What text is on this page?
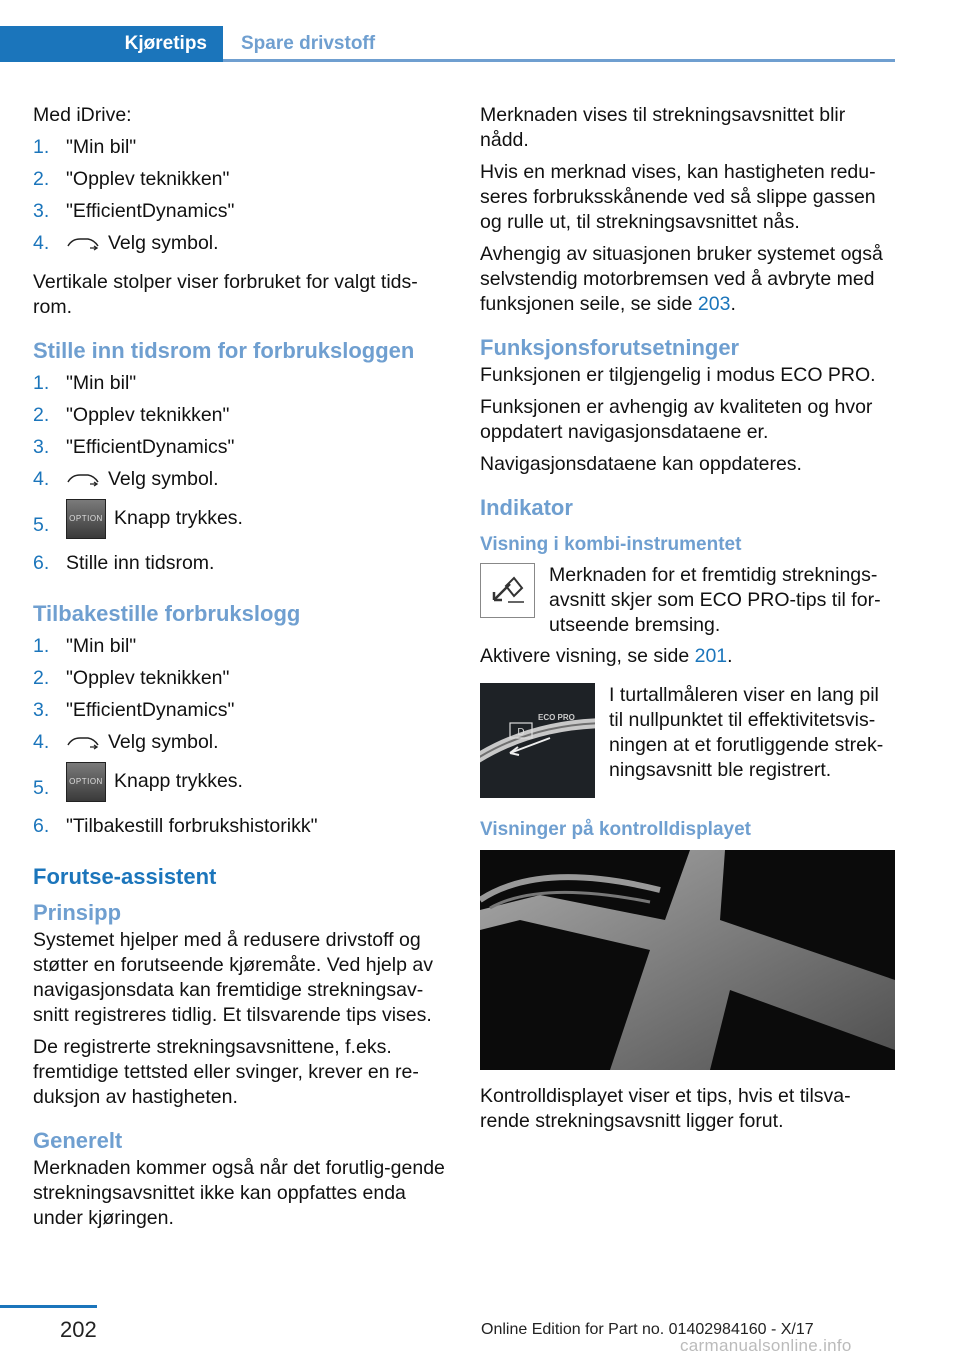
Kjøretips	Spare drivstoff

Med iDrive:

1. "Min bil"
2. "Opplev teknikken"
3. "EfficientDynamics"
4.	Velg symbol.

Vertikale stolper viser forbruket for valgt tids-rom.

Stille inn tidsrom for forbruksloggen
1. "Min bil"
2. "Opplev teknikken"
3. "EfficientDynamics"
4.	Velg symbol.
5. OPTION Knapp trykkes.
6. Stille inn tidsrom.
Tilbakestille forbrukslogg
1. "Min bil"
2. "Opplev teknikken"
3. "EfficientDynamics"
4.	Velg symbol.
5. OPTION Knapp trykkes.
6. "Tilbakestill forbrukshistorikk"
Forutse-assistent
Prinsipp

Systemet hjelper med å redusere drivstoff og støtter en forutseende kjøremåte. Ved hjelp av navigasjonsdata kan fremtidige strekningsav-snitt registreres tidlig. Et tilsvarende tips vises.

De registrerte strekningsavsnittene, f.eks. fremtidige tettsted eller svinger, krever en re-duksjon av hastigheten.

Generelt

Merknaden kommer også når det forutlig-gende strekningsavsnittet ikke kan oppfattes enda under kjøringen.

Merknaden vises til strekningsavsnittet blir nådd.

Hvis en merknad vises, kan hastigheten redu-seres forbruksskånende ved så slippe gassen og rulle ut, til strekningsavsnittet nås.

Avhengig av situasjonen bruker systemet også selvstendig motorbremsen ved å avbryte med funksjonen seile, se side 203.

Funksjonsforutsetninger

Funksjonen er tilgjengelig i modus ECO PRO.

Funksjonen er avhengig av kvaliteten og hvor oppdatert navigasjonsdataene er.

Navigasjonsdataene kan oppdateres.

Indikator
Visning i kombi-instrumentet
Merknaden for et fremtidig streknings-avsnitt skjer som ECO PRO-tips til for-utseende bremsing.

Aktivere visning, se side 201.

D
ECO PRO
I turtallmåleren viser en lang pil til nullpunktet til effektivitetsvis-ningen at et forutliggende strek-ningsavsnitt ble registrert.
Visninger på kontrolldisplayet

Kontrolldisplayet viser et tips, hvis et tilsva-rende strekningsavsnitt ligger forut.

202	Online Edition for Part no. 01402984160 - X/17
carmanualsonline.info
